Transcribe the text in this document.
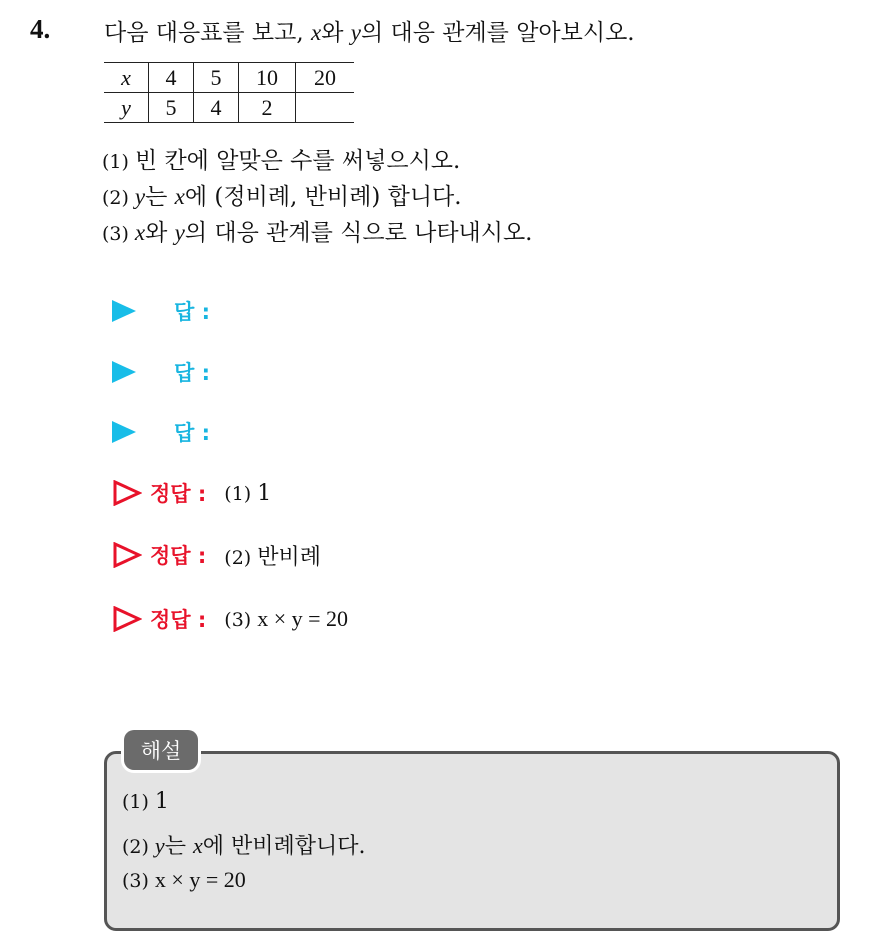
4. 다음 대응표를 보고, x와 y의 대응 관계를 알아보시오.
x	4	5	10	20
y	5	4	2	
(1) 빈 칸에 알맞은 수를 써넣으시오.
(2) y는 x에 (정비례, 반비례) 합니다.
(3) x와 y의 대응 관계를 식으로 나타내시오.
답 :
답 :
답 :
정답 : (1) 1
정답 : (2) 반비례
정답 : (3) x × y = 20
해설
(1) 1
(2) y는 x에 반비례합니다.
(3) x × y = 20
